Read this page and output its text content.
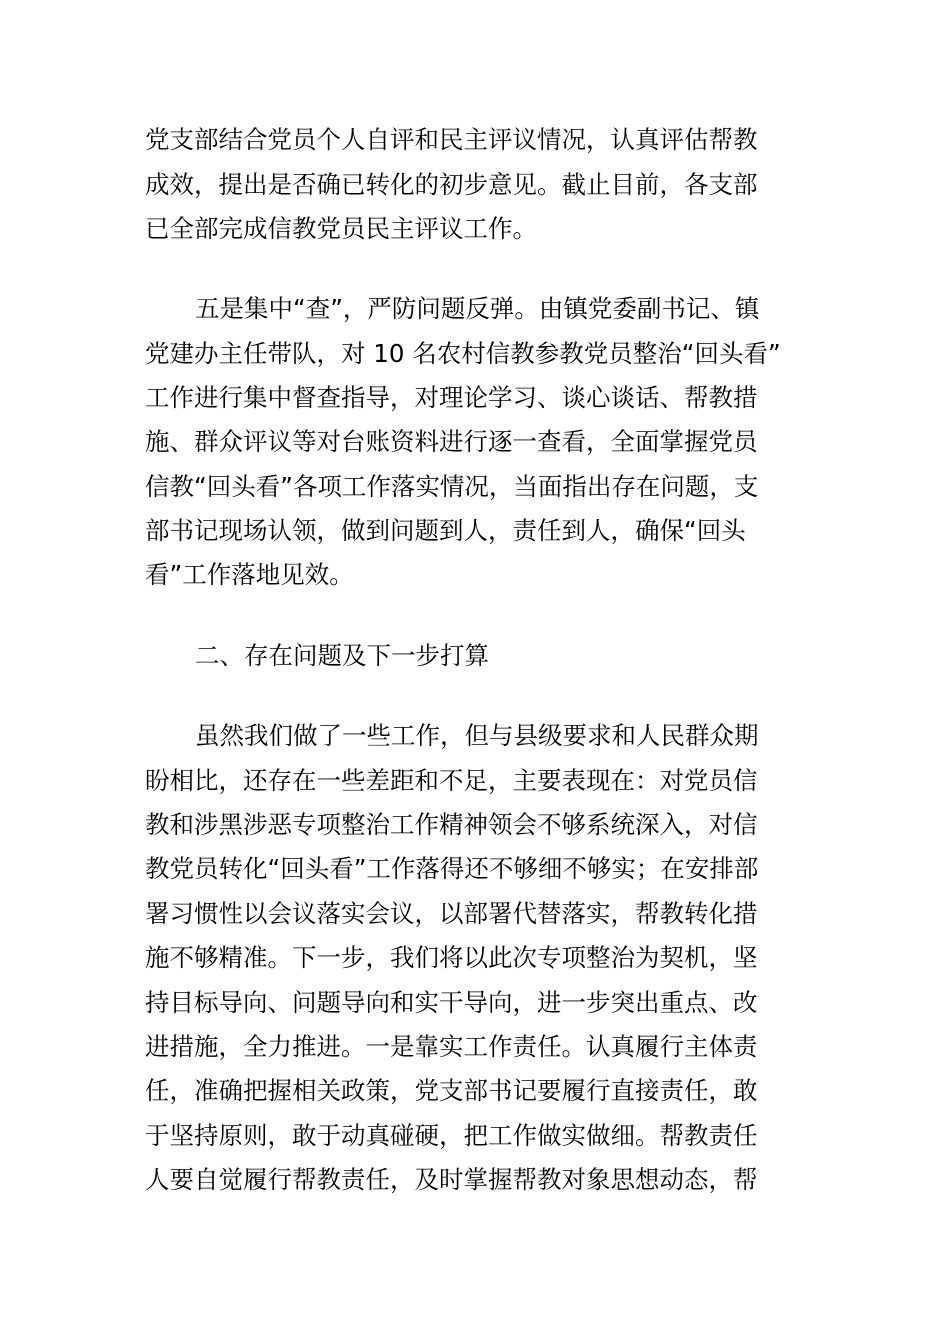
党支部结合党员个人自评和民主评议情况，认真评估帮教
成效，提出是否确已转化的初步意见。截止目前，各支部
已全部完成信教党员民主评议工作。
五是集中“查”，严防问题反弹。由镇党委副书记、镇
党建办主任带队，对 10 名农村信教参教党员整治“回头看”
工作进行集中督查指导，对理论学习、谈心谈话、帮教措
施、群众评议等对台账资料进行逐一查看，全面掌握党员
信教“回头看”各项工作落实情况，当面指出存在问题，支
部书记现场认领，做到问题到人，责任到人，确保“回头
看”工作落地见效。
二、存在问题及下一步打算
虽然我们做了一些工作，但与县级要求和人民群众期
盼相比，还存在一些差距和不足，主要表现在：对党员信
教和涉黑涉恶专项整治工作精神领会不够系统深入，对信
教党员转化“回头看”工作落得还不够细不够实；在安排部
署习惯性以会议落实会议，以部署代替落实，帮教转化措
施不够精准。下一步，我们将以此次专项整治为契机，坚
持目标导向、问题导向和实干导向，进一步突出重点、改
进措施，全力推进。一是靠实工作责任。认真履行主体责
任，准确把握相关政策，党支部书记要履行直接责任，敢
于坚持原则，敢于动真碰硬，把工作做实做细。帮教责任
人要自觉履行帮教责任，及时掌握帮教对象思想动态，帮
